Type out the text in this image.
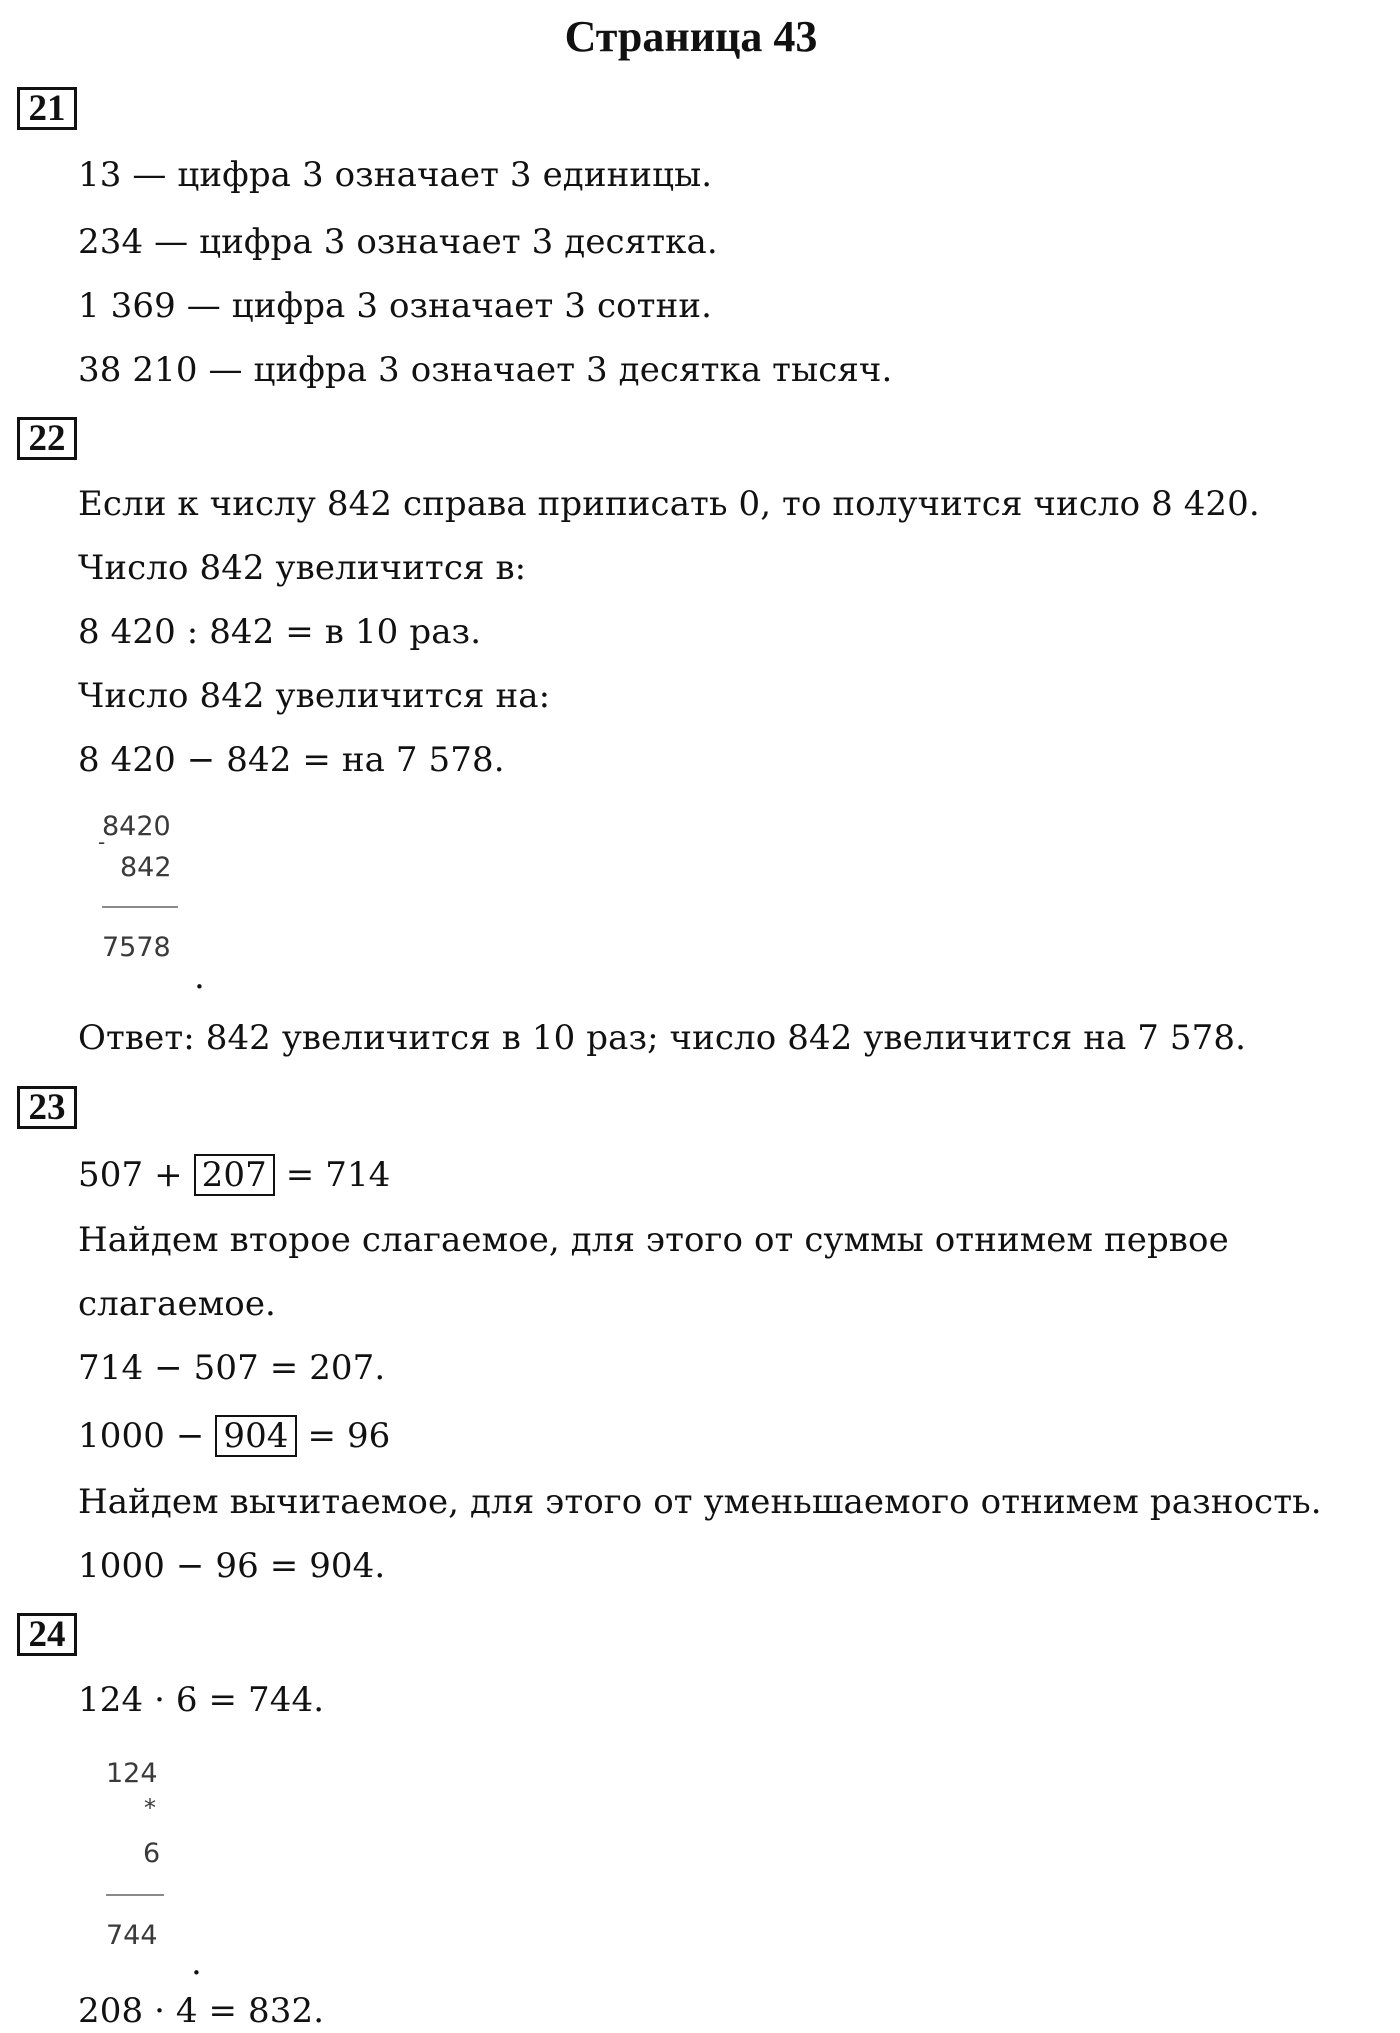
Страница 43
21
13 — цифра 3 означает 3 единицы.
234 — цифра 3 означает 3 десятка.
1 369 — цифра 3 означает 3 сотни.
38 210 — цифра 3 означает 3 десятка тысяч.
22
Если к числу 842 справа приписать 0, то получится число 8 420.
Число 842 увеличится в:
8 420 : 842 = в 10 раз.
Число 842 увеличится на:
8 420 − 842 = на 7 578.
8420
-
842
7578
.
Ответ: 842 увеличится в 10 раз; число 842 увеличится на 7 578.
23
507 + 207 = 714
Найдем второе слагаемое, для этого от суммы отнимем первое
слагаемое.
714 − 507 = 207.
1000 − 904 = 96
Найдем вычитаемое, для этого от уменьшаемого отнимем разность.
1000 − 96 = 904.
24
124 · 6 = 744.
124
*
6
744
.
208 · 4 = 832.
